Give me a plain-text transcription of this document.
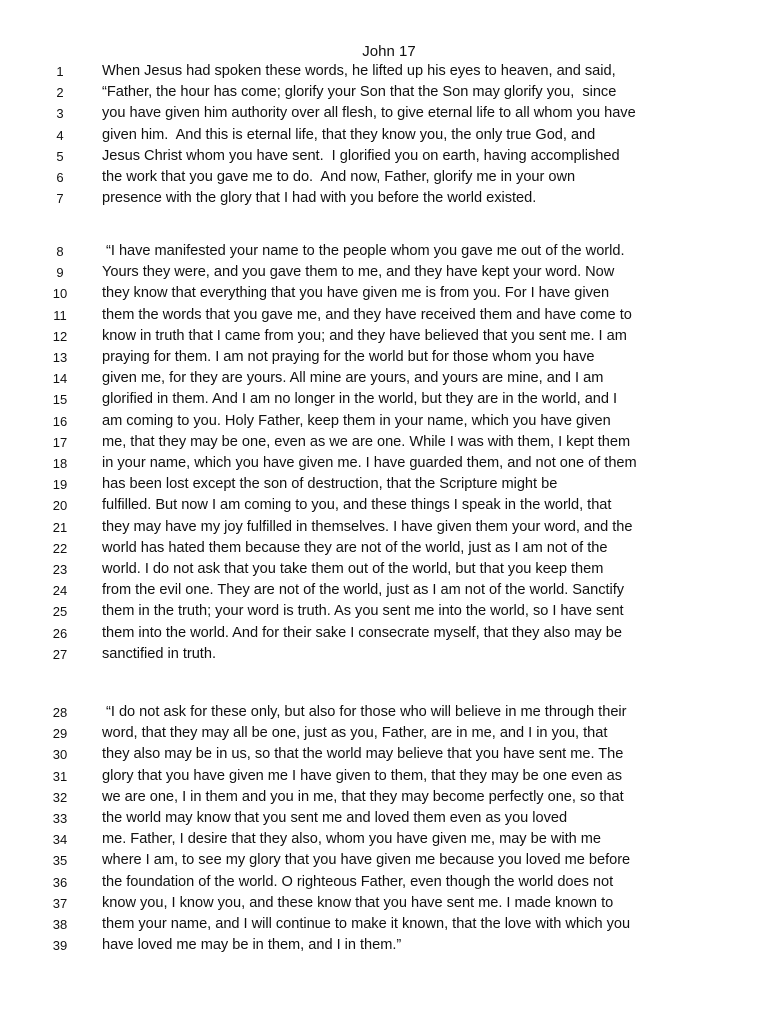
John 17
1	When Jesus had spoken these words, he lifted up his eyes to heaven, and said,
2	“Father, the hour has come; glorify your Son that the Son may glorify you,  since
3	you have given him authority over all flesh, to give eternal life to all whom you have
4	given him.  And this is eternal life, that they know you, the only true God, and
5	Jesus Christ whom you have sent.  I glorified you on earth, having accomplished
6	the work that you gave me to do.  And now, Father, glorify me in your own
7	presence with the glory that I had with you before the world existed.
8	“I have manifested your name to the people whom you gave me out of the world.
9	Yours they were, and you gave them to me, and they have kept your word. Now
10	they know that everything that you have given me is from you. For I have given
11	them the words that you gave me, and they have received them and have come to
12	know in truth that I came from you; and they have believed that you sent me. I am
13	praying for them. I am not praying for the world but for those whom you have
14	given me, for they are yours. All mine are yours, and yours are mine, and I am
15	glorified in them. And I am no longer in the world, but they are in the world, and I
16	am coming to you. Holy Father, keep them in your name, which you have given
17	me, that they may be one, even as we are one. While I was with them, I kept them
18	in your name, which you have given me. I have guarded them, and not one of them
19	has been lost except the son of destruction, that the Scripture might be
20	fulfilled. But now I am coming to you, and these things I speak in the world, that
21	they may have my joy fulfilled in themselves. I have given them your word, and the
22	world has hated them because they are not of the world, just as I am not of the
23	world. I do not ask that you take them out of the world, but that you keep them
24	from the evil one. They are not of the world, just as I am not of the world. Sanctify
25	them in the truth; your word is truth. As you sent me into the world, so I have sent
26	them into the world. And for their sake I consecrate myself, that they also may be
27	sanctified in truth.
28	“I do not ask for these only, but also for those who will believe in me through their
29	word, that they may all be one, just as you, Father, are in me, and I in you, that
30	they also may be in us, so that the world may believe that you have sent me. The
31	glory that you have given me I have given to them, that they may be one even as
32	we are one, I in them and you in me, that they may become perfectly one, so that
33	the world may know that you sent me and loved them even as you loved
34	me. Father, I desire that they also, whom you have given me, may be with me
35	where I am, to see my glory that you have given me because you loved me before
36	the foundation of the world. O righteous Father, even though the world does not
37	know you, I know you, and these know that you have sent me. I made known to
38	them your name, and I will continue to make it known, that the love with which you
39	have loved me may be in them, and I in them.”
